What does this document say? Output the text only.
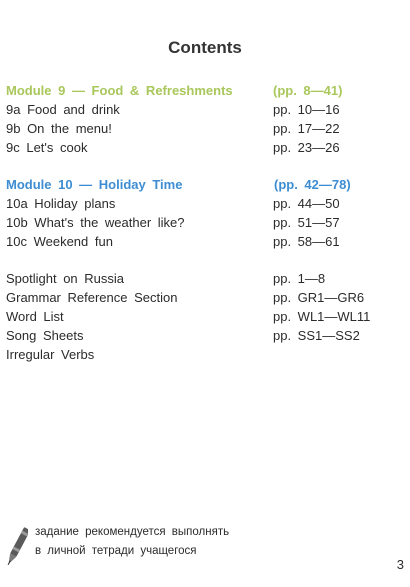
Contents
Module 9 — Food & Refreshments	(pp. 8—41)
9a Food and drink	pp. 10—16
9b On the menu!	pp. 17—22
9c Let's cook	pp. 23—26
Module 10 — Holiday Time	(pp. 42—78)
10a Holiday plans	pp. 44—50
10b What's the weather like?	pp. 51—57
10c Weekend fun	pp. 58—61
Spotlight on Russia	pp. 1—8
Grammar Reference Section	pp. GR1—GR6
Word List	pp. WL1—WL11
Song Sheets	pp. SS1—SS2
Irregular Verbs
задание рекомендуется выполнять
в личной тетради учащегося
3
